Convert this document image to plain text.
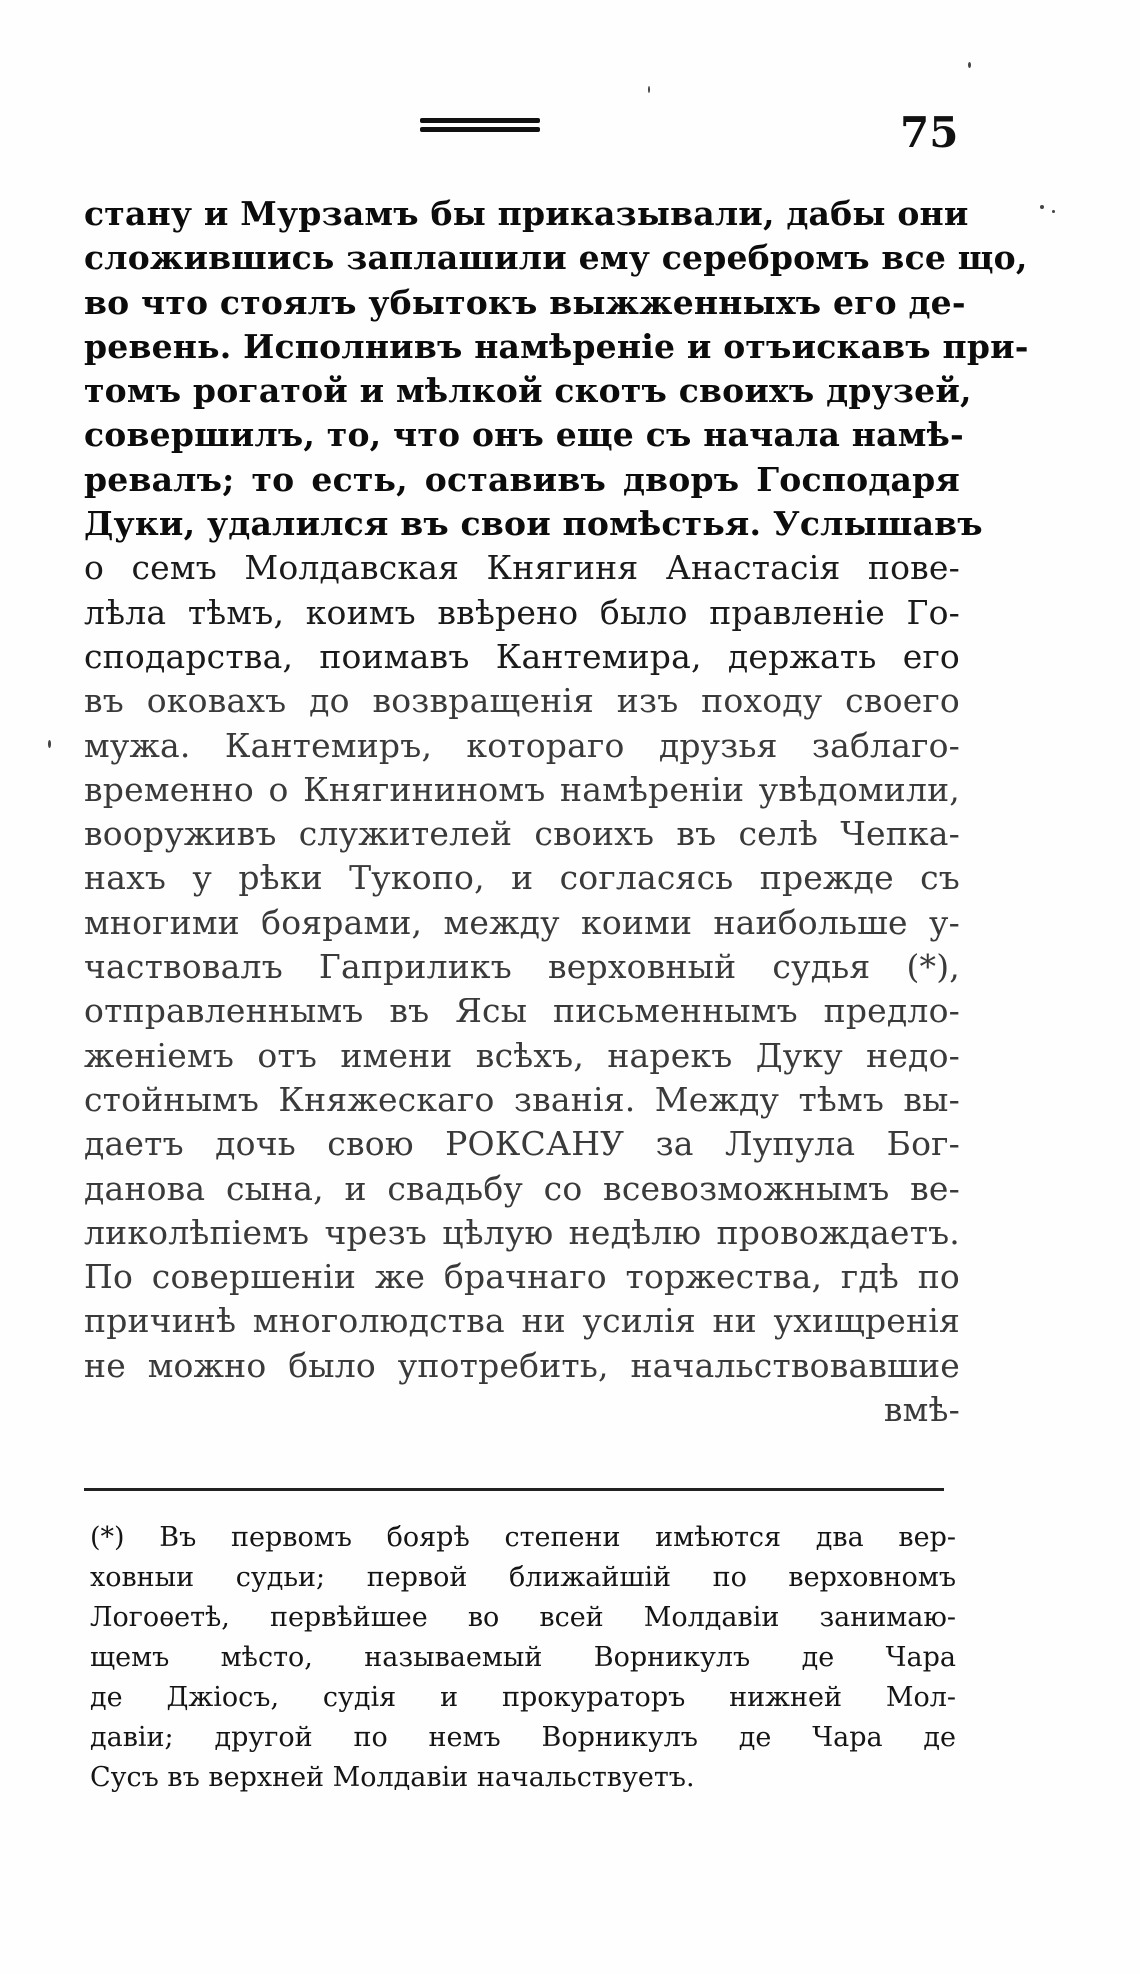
75
стану и Мурзамъ бы приказывали, дабы они
сложившись заплашили ему серебромъ все що,
во что стоялъ убытокъ выжженныхъ его де-
ревень. Исполнивъ намѣренie и отъискавъ при-
томъ рогатой и мѣлкой скотъ своихъ друзей,
совершилъ, то, что онъ еще съ начала намѣ-
ревалъ; то есть, оставивъ дворъ Господаря
Дуки, удалился въ свои помѣстья. Услышавъ
о семъ Молдавская Княгиня Анастасія пове-
лѣла тѣмъ, коимъ ввѣрено было правленie Го-
сподарства, поимавъ Кантемира, держать его
въ оковахъ до возвращенія изъ походу своего
мужа. Кантемиръ, котораго друзья заблаго-
временно о Княгининомъ намѣреніи увѣдомили,
вооруживъ служителей своихъ въ селѣ Чепка-
нахъ у рѣки Тукопо, и согласясь прежде съ
многими боярами, между коими наибольше у-
частвовалъ Гаприликъ верховный судья (*),
отправленнымъ въ Ясы письменнымъ предло-
женіемъ отъ имени всѣхъ, нарекъ Дуку недо-
стойнымъ Княжескаго званія. Между тѣмъ вы-
даетъ дочь свою РОКСАНУ за Лупула Бог-
данова сына, и свадьбу со всевозможнымъ ве-
ликолѣпіемъ чрезъ цѣлую недѣлю провождаетъ.
По совершеніи же брачнаго торжества, гдѣ по
причинѣ многолюдства ни усилія ни ухищренія
не можно было употребить, начальствовавшие
вмѣ-
(*) Въ первомъ боярѣ степени имѣются два вер-
ховныи судьи; первой ближайшій по верховномъ
Логоѳетѣ, первѣйшее во всей Молдавіи занимаю-
щемъ мѣсто, называемый Ворникулъ де Чара
де Джіосъ, судія и прокураторъ нижней Мол-
давіи; другой по немъ Ворникулъ де Чара де
Сусъ въ верхней Молдавіи начальствуетъ.
